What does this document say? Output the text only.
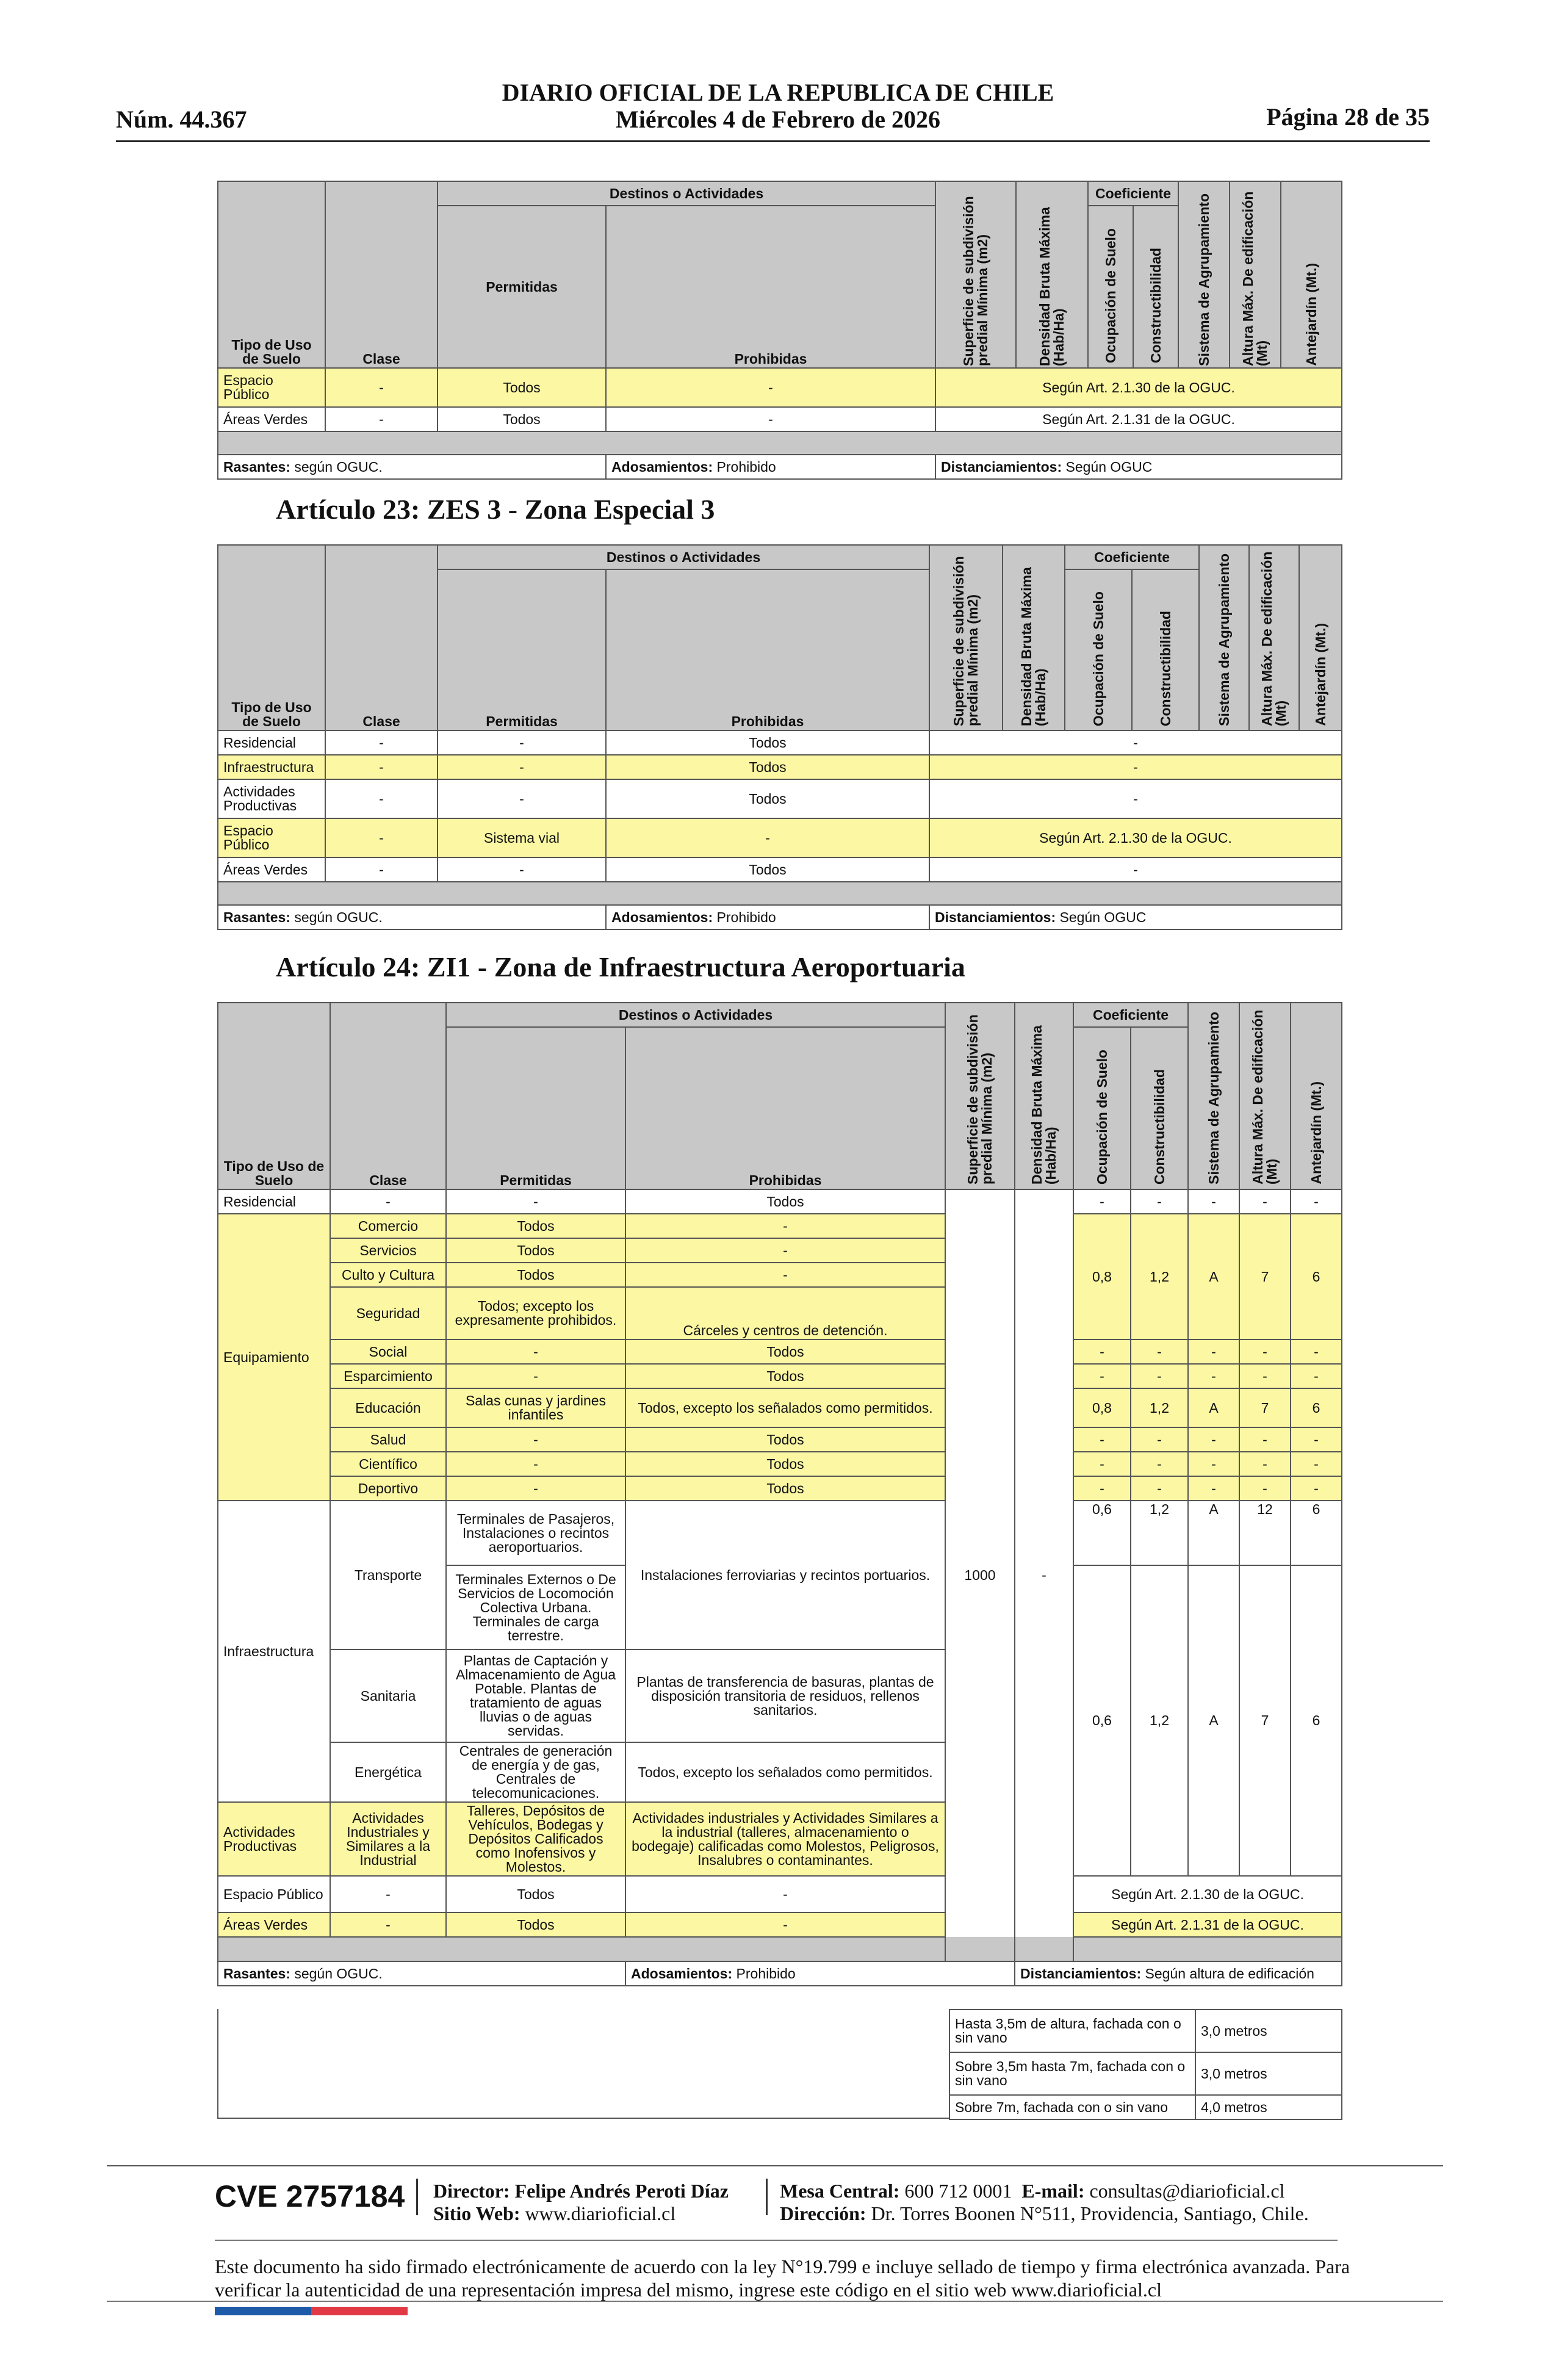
DIARIO OFICIAL DE LA REPUBLICA DE CHILE
Miércoles 4 de Febrero de 2026
Núm. 44.367	Página 28 de 35
Tipo de Uso de Suelo	Clase	Destinos o Actividades		Superficie de subdivisión predial Mínima (m2)	Densidad Bruta Máxima (Hab/Ha)	Coeficiente		Sistema de Agrupamiento	Altura Máx. De edificación (Mt)	Antejardín (Mt.)

		Permitidas	Prohibidas			Ocupación de Suelo	Constructibilidad			

Espacio Público	-	Todos	-	Según Art. 2.1.30 de la OGUC.						
Áreas Verdes	-	Todos	-	Según Art. 2.1.31 de la OGUC.						

Rasantes: según OGUC.			Adosamientos: Prohibido	Distanciamientos: Según OGUC						
Artículo 23: ZES 3 - Zona Especial 3
Tipo de Uso de Suelo	Clase	Destinos o Actividades		Superficie de subdivisión predial Mínima (m2)	Densidad Bruta Máxima (Hab/Ha)	Coeficiente		Sistema de Agrupamiento	Altura Máx. De edificación (Mt)	Antejardín (Mt.)

		Permitidas	Prohibidas			Ocupación de Suelo	Constructibilidad			

Residencial	-	-	Todos	-						
Infraestructura	-	-	Todos	-						
Actividades Productivas	-	-	Todos	-						
Espacio Público	-	Sistema vial	-	Según Art. 2.1.30 de la OGUC.						
Áreas Verdes	-	-	Todos	-						

Rasantes: según OGUC.			Adosamientos: Prohibido	Distanciamientos: Según OGUC						
Artículo 24: ZI1 - Zona de Infraestructura Aeroportuaria
Tipo de Uso de Suelo	Clase	Destinos o Actividades		Superficie de subdivisión predial Mínima (m2)	Densidad Bruta Máxima (Hab/Ha)	Coeficiente		Sistema de Agrupamiento	Altura Máx. De edificación (Mt)	Antejardín (Mt.)

		Permitidas	Prohibidas			Ocupación de Suelo	Constructibilidad			

Residencial	-	-	Todos	1000	-	-	-	-	-	-
Equipamiento	Comercio	Todos	-			0,8	1,2	A	7	6
	Servicios	Todos	-							
	Culto y Cultura	Todos	-							
	Seguridad	Todos; excepto los expresamente prohibidos.	Cárceles y centros de detención.							
	Social	-	Todos			-	-	-	-	-
	Esparcimiento	-	Todos			-	-	-	-	-
	Educación	Salas cunas y jardines infantiles	Todos, excepto los señalados como permitidos.			0,8	1,2	A	7	6
	Salud	-	Todos			-	-	-	-	-
	Científico	-	Todos			-	-	-	-	-
	Deportivo	-	Todos			-	-	-	-	-
Infraestructura	Transporte	Terminales de Pasajeros, Instalaciones o recintos aeroportuarios.	Instalaciones ferroviarias y recintos portuarios.			0,6	1,2	A	12	6
		Terminales Externos o De Servicios de Locomoción Colectiva Urbana. Terminales de carga terrestre.				0,6	1,2	A	7	6
	Sanitaria	Plantas de Captación y Almacenamiento de Agua Potable. Plantas de tratamiento de aguas lluvias o de aguas servidas.	Plantas de transferencia de basuras, plantas de disposición transitoria de residuos, rellenos sanitarios.							
	Energética	Centrales de generación de energía y de gas, Centrales de telecomunicaciones.	Todos, excepto los señalados como permitidos.							
Actividades Productivas	Actividades Industriales y Similares a la Industrial	Talleres, Depósitos de Vehículos, Bodegas y Depósitos Calificados como Inofensivos y Molestos.	Actividades industriales y Actividades Similares a la industrial (talleres, almacenamiento o bodegaje) calificadas como Molestos, Peligrosos, Insalubres o contaminantes.							
Espacio Público	-	Todos	-			Según Art. 2.1.30 de la OGUC.				
Áreas Verdes	-	Todos	-			Según Art. 2.1.31 de la OGUC.				

Rasantes: según OGUC.			Adosamientos: Prohibido		Distanciamientos: Según altura de edificación					
Hasta 3,5m de altura, fachada con o sin vano	3,0 metros
Sobre 3,5m hasta 7m, fachada con o sin vano	3,0 metros
Sobre 7m, fachada con o sin vano	4,0 metros
CVE 2757184 Director: Felipe Andrés Peroti Díaz
Sitio Web: www.diarioficial.cl
Mesa Central: 600 712 0001 E-mail: consultas@diarioficial.cl
Dirección: Dr. Torres Boonen N°511, Providencia, Santiago, Chile.
Este documento ha sido firmado electrónicamente de acuerdo con la ley N°19.799 e incluye sellado de tiempo y firma electrónica avanzada. Para verificar la autenticidad de una representación impresa del mismo, ingrese este código en el sitio web www.diarioficial.cl
